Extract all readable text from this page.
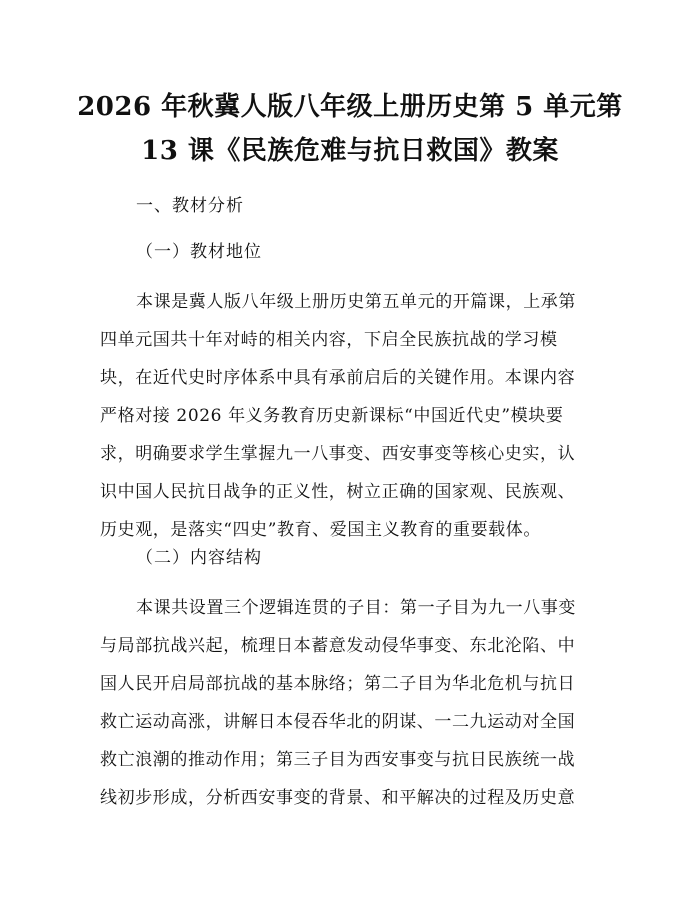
2026 年秋冀人版八年级上册历史第 5 单元第
13 课《民族危难与抗日救国》教案
一、教材分析
（一）教材地位
本课是冀人版八年级上册历史第五单元的开篇课，上承第
四单元国共十年对峙的相关内容，下启全民族抗战的学习模
块，在近代史时序体系中具有承前启后的关键作用。本课内容
严格对接 2026 年义务教育历史新课标“中国近代史”模块要
求，明确要求学生掌握九一八事变、西安事变等核心史实，认
识中国人民抗日战争的正义性，树立正确的国家观、民族观、
历史观，是落实“四史”教育、爱国主义教育的重要载体。
（二）内容结构
本课共设置三个逻辑连贯的子目：第一子目为九一八事变
与局部抗战兴起，梳理日本蓄意发动侵华事变、东北沦陷、中
国人民开启局部抗战的基本脉络；第二子目为华北危机与抗日
救亡运动高涨，讲解日本侵吞华北的阴谋、一二九运动对全国
救亡浪潮的推动作用；第三子目为西安事变与抗日民族统一战
线初步形成，分析西安事变的背景、和平解决的过程及历史意
